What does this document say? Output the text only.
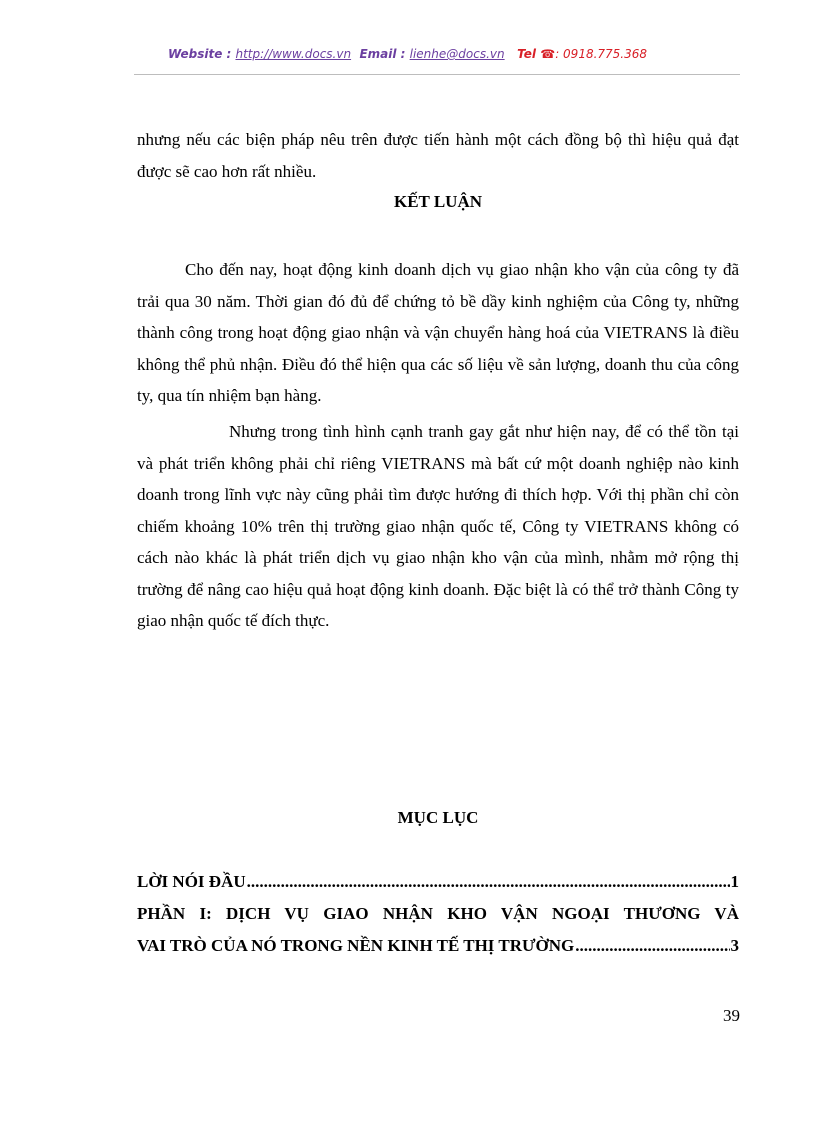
Website : http://www.docs.vn Email : lienhe@docs.vn Tel ☎: 0918.775.368

nhưng nếu các biện pháp nêu trên được tiến hành một cách đồng bộ thì hiệu quả đạt được sẽ cao hơn rất nhiều.

KẾT LUẬN

Cho đến nay, hoạt động kinh doanh dịch vụ giao nhận kho vận của công ty đã trải qua 30 năm. Thời gian đó đủ để chứng tỏ bề dầy kinh nghiệm của Công ty, những thành công trong hoạt động giao nhận và vận chuyển hàng hoá của VIETRANS là điều không thể phủ nhận. Điều đó thể hiện qua các số liệu về sản lượng, doanh thu của công ty, qua tín nhiệm bạn hàng.

Nhưng trong tình hình cạnh tranh gay gắt như hiện nay, để có thể tồn tại và phát triển không phải chỉ riêng VIETRANS mà bất cứ một doanh nghiệp nào kinh doanh trong lĩnh vực này cũng phải tìm được hướng đi thích hợp. Với thị phần chỉ còn chiếm khoảng 10% trên thị trường giao nhận quốc tế, Công ty VIETRANS không có cách nào khác là phát triển dịch vụ giao nhận kho vận của mình, nhằm mở rộng thị trường để nâng cao hiệu quả hoạt động kinh doanh. Đặc biệt là có thể trở thành Công ty giao nhận quốc tế đích thực.

MỤC LỤC

LỜI NÓI ĐẦU .....	1
PHẦN I: DỊCH VỤ GIAO NHẬN KHO VẬN NGOẠI THƯƠNG VÀ
VAI TRÒ CỦA NÓ TRONG NỀN KINH TẾ THỊ TRƯỜNG .....	3
39
